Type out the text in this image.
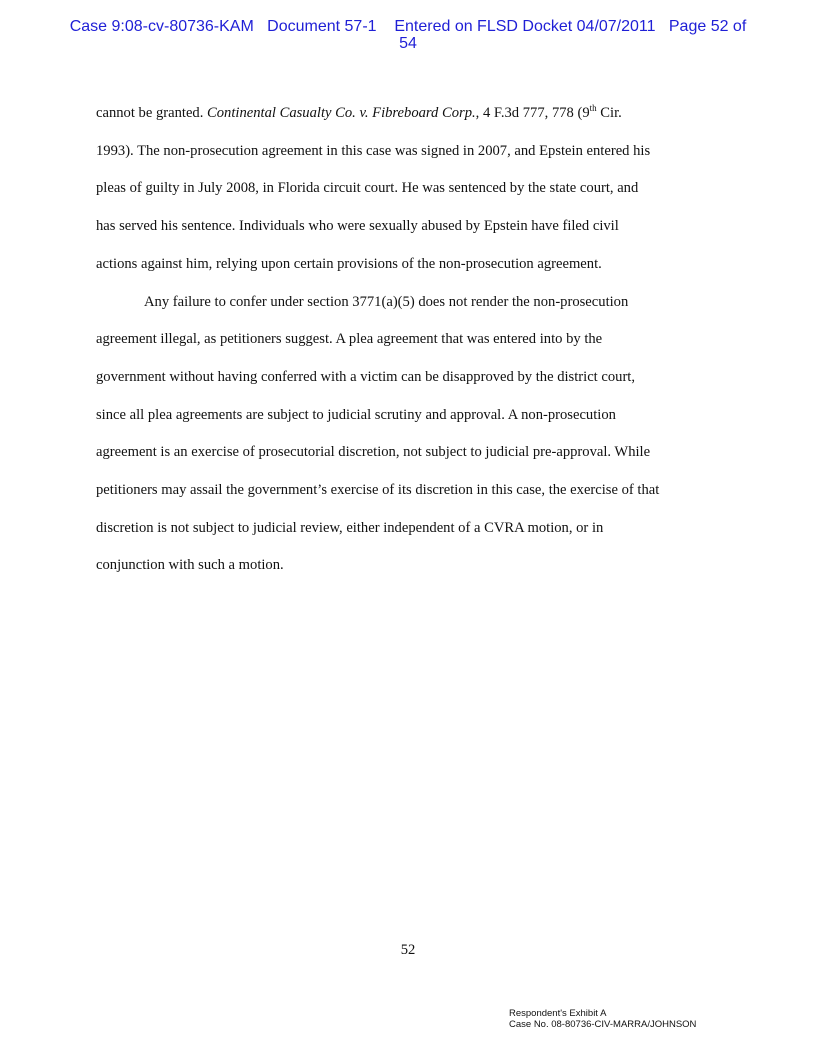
Case 9:08-cv-80736-KAM Document 57-1 Entered on FLSD Docket 04/07/2011 Page 52 of
54

cannot be granted. Continental Casualty Co. v. Fibreboard Corp., 4 F.3d 777, 778 (9th Cir.
1993). The non-prosecution agreement in this case was signed in 2007, and Epstein entered his
pleas of guilty in July 2008, in Florida circuit court. He was sentenced by the state court, and
has served his sentence. Individuals who were sexually abused by Epstein have filed civil
actions against him, relying upon certain provisions of the non-prosecution agreement.

Any failure to confer under section 3771(a)(5) does not render the non-prosecution
agreement illegal, as petitioners suggest. A plea agreement that was entered into by the
government without having conferred with a victim can be disapproved by the district court,
since all plea agreements are subject to judicial scrutiny and approval. A non-prosecution
agreement is an exercise of prosecutorial discretion, not subject to judicial pre-approval. While
petitioners may assail the government’s exercise of its discretion in this case, the exercise of that
discretion is not subject to judicial review, either independent of a CVRA motion, or in
conjunction with such a motion.

52
Respondent's Exhibit A
Case No. 08-80736-CIV-MARRA/JOHNSON
